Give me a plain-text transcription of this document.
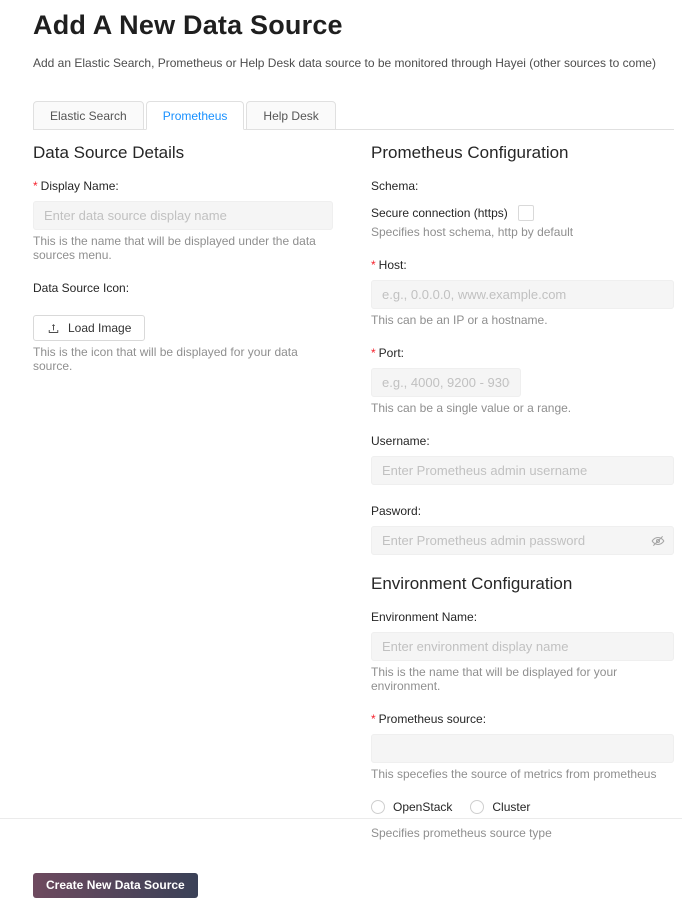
Add A New Data Source

Add an Elastic Search, Prometheus or Help Desk data source to be monitored through Hayei (other sources to come)

Elastic Search	Prometheus	Help Desk
Data Source Details
* Display Name:
Enter data source display name
This is the name that will be displayed under the data sources menu.
Data Source Icon:
Load Image
This is the icon that will be displayed for your data source.
Prometheus Configuration
Schema:
Secure connection (https)
Specifies host schema, http by default
* Host:
e.g., 0.0.0.0, www.example.com
This can be an IP or a hostname.
* Port:
e.g., 4000, 9200 - 9300
This can be a single value or a range.
Username:
Enter Prometheus admin username
Pasword:
Enter Prometheus admin password
Environment Configuration
Environment Name:
Enter environment display name
This is the name that will be displayed for your environment.
* Prometheus source:
This specefies the source of metrics from prometheus
OpenStack	Cluster
Specifies prometheus source type
Create New Data Source
